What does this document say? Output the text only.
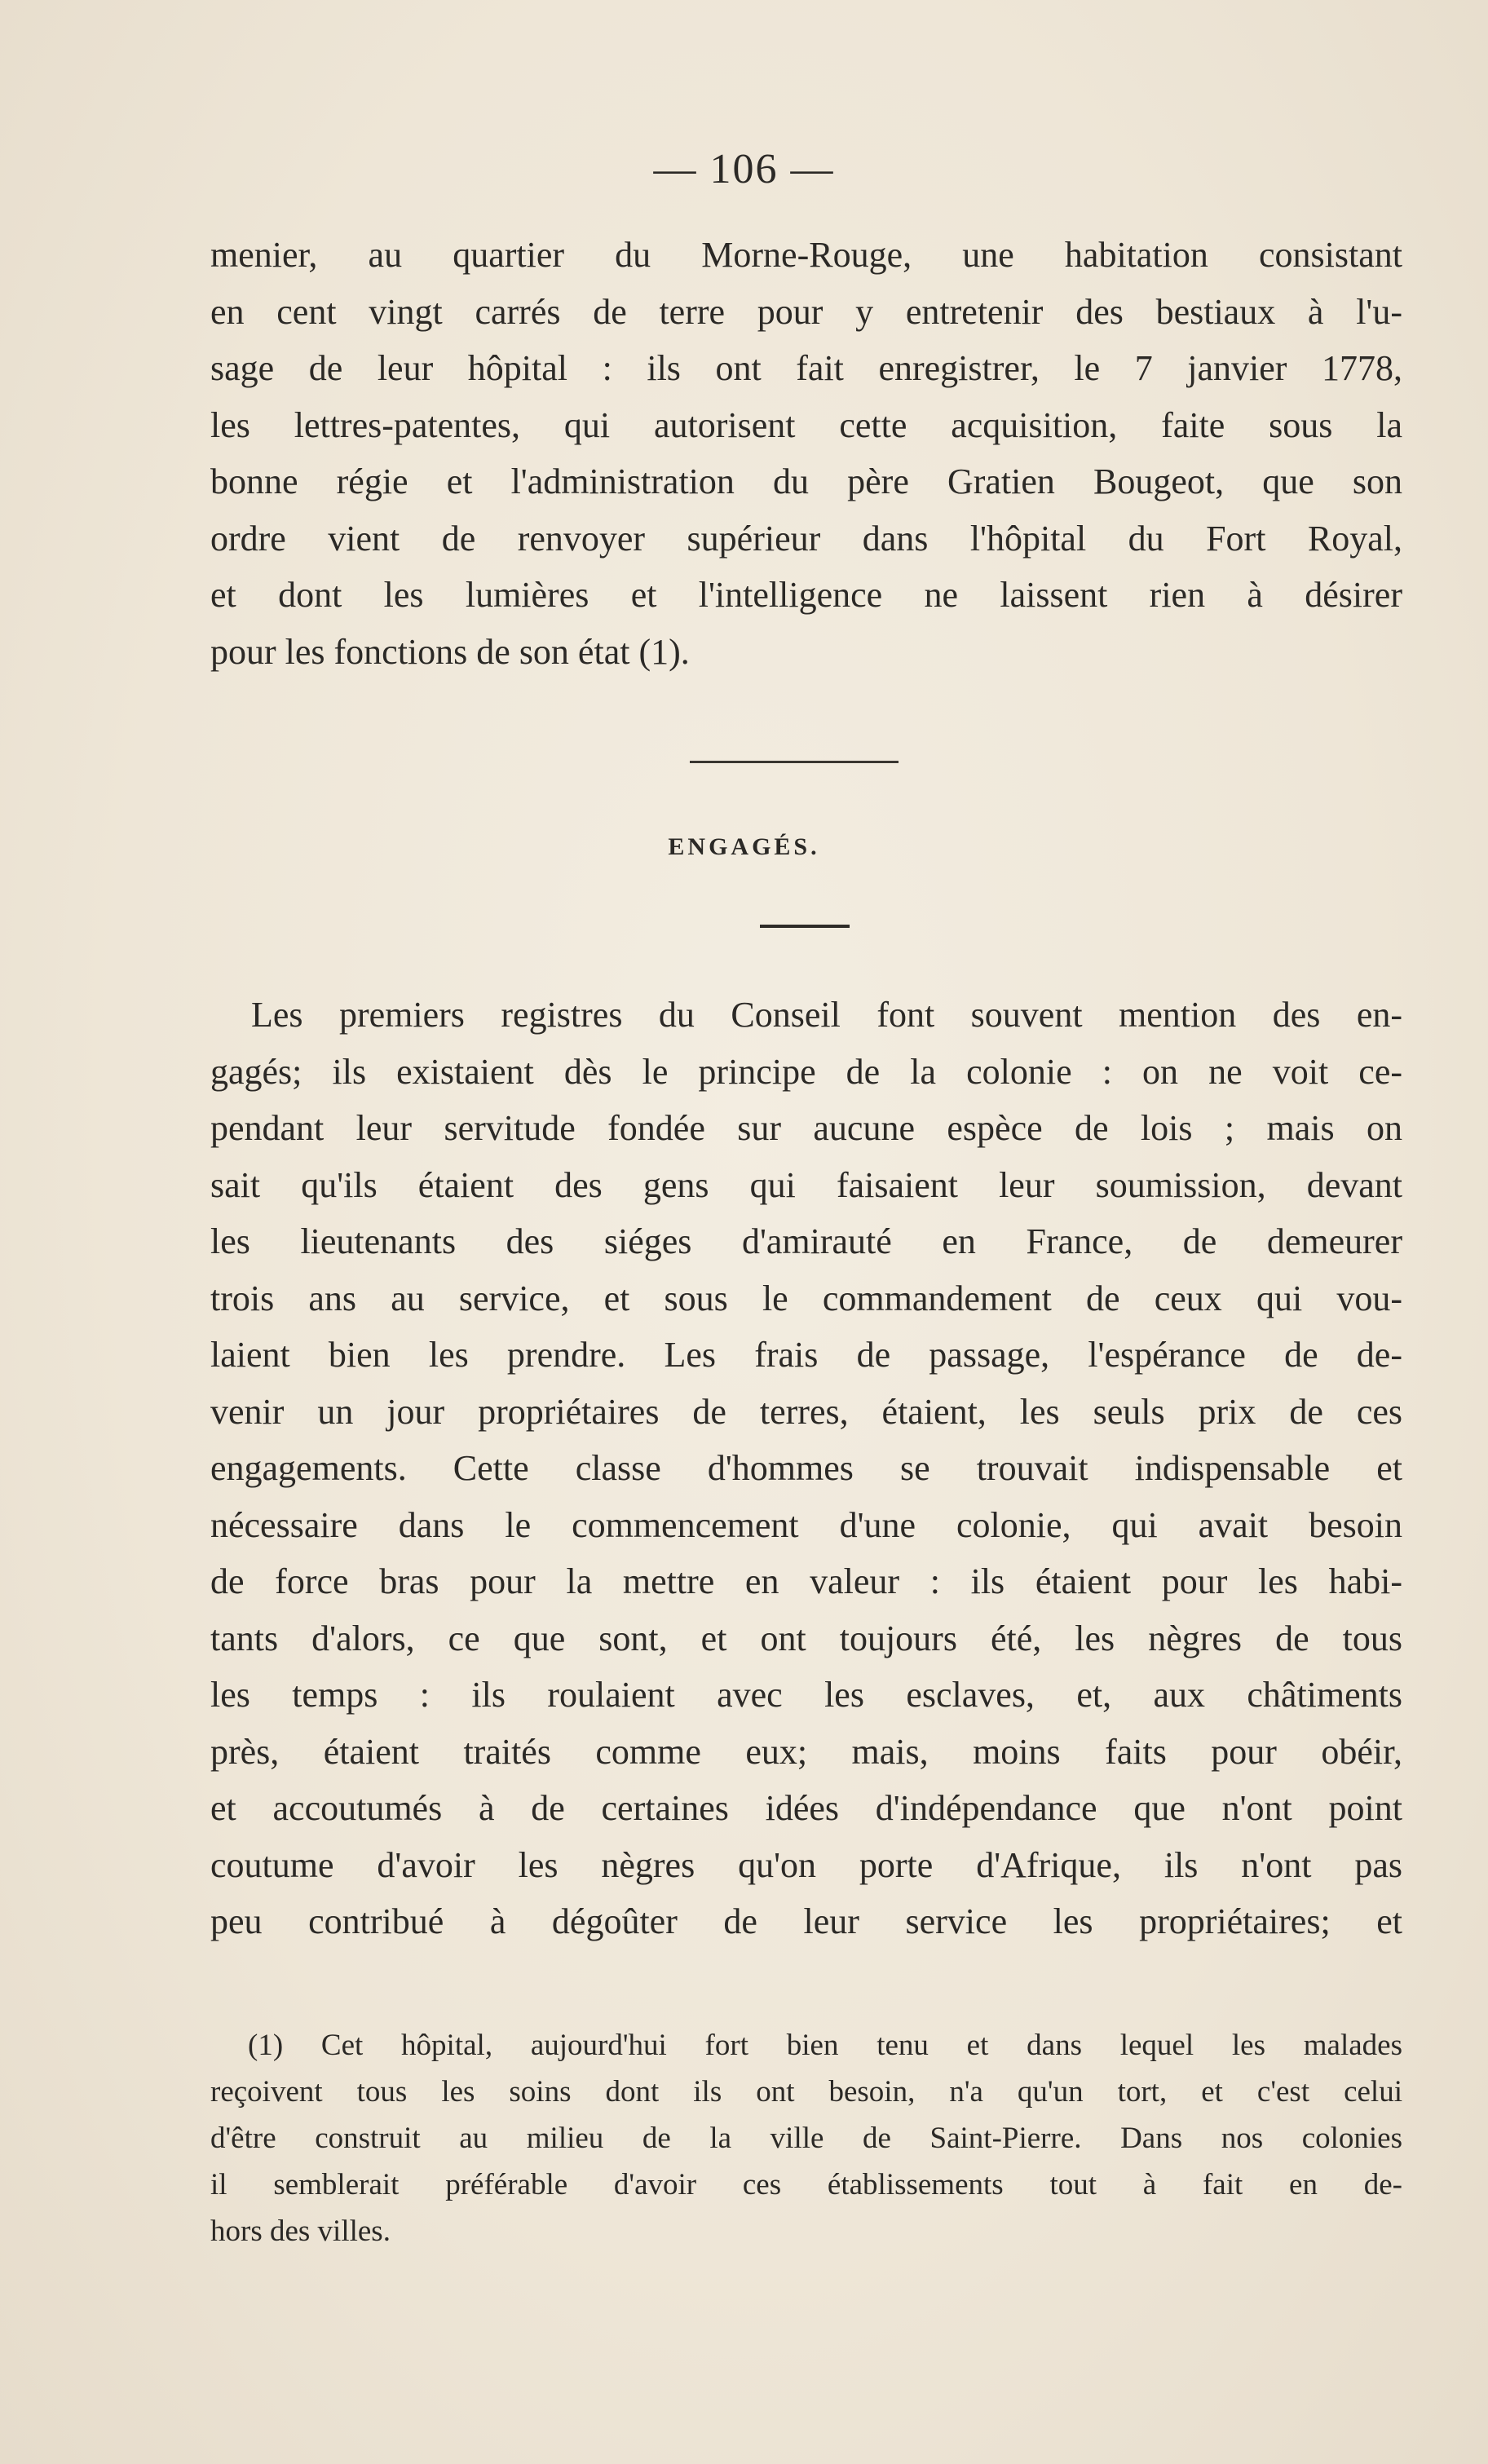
— 106 —
menier, au quartier du Morne-Rouge, une habitation consistant
en cent vingt carrés de terre pour y entretenir des bestiaux à l'u-
sage de leur hôpital : ils ont fait enregistrer, le 7 janvier 1778,
les lettres-patentes, qui autorisent cette acquisition, faite sous la
bonne régie et l'administration du père Gratien Bougeot, que son
ordre vient de renvoyer supérieur dans l'hôpital du Fort Royal,
et dont les lumières et l'intelligence ne laissent rien à désirer
pour les fonctions de son état (1).
ENGAGÉS.
Les premiers registres du Conseil font souvent mention des en-
gagés; ils existaient dès le principe de la colonie : on ne voit ce-
pendant leur servitude fondée sur aucune espèce de lois ; mais on
sait qu'ils étaient des gens qui faisaient leur soumission, devant
les lieutenants des siéges d'amirauté en France, de demeurer
trois ans au service, et sous le commandement de ceux qui vou-
laient bien les prendre. Les frais de passage, l'espérance de de-
venir un jour propriétaires de terres, étaient, les seuls prix de ces
engagements. Cette classe d'hommes se trouvait indispensable et
nécessaire dans le commencement d'une colonie, qui avait besoin
de force bras pour la mettre en valeur : ils étaient pour les habi-
tants d'alors, ce que sont, et ont toujours été, les nègres de tous
les temps : ils roulaient avec les esclaves, et, aux châtiments
près, étaient traités comme eux; mais, moins faits pour obéir,
et accoutumés à de certaines idées d'indépendance que n'ont point
coutume d'avoir les nègres qu'on porte d'Afrique, ils n'ont pas
peu contribué à dégoûter de leur service les propriétaires; et
(1) Cet hôpital, aujourd'hui fort bien tenu et dans lequel les malades
reçoivent tous les soins dont ils ont besoin, n'a qu'un tort, et c'est celui
d'être construit au milieu de la ville de Saint-Pierre. Dans nos colonies
il semblerait préférable d'avoir ces établissements tout à fait en de-
hors des villes.
